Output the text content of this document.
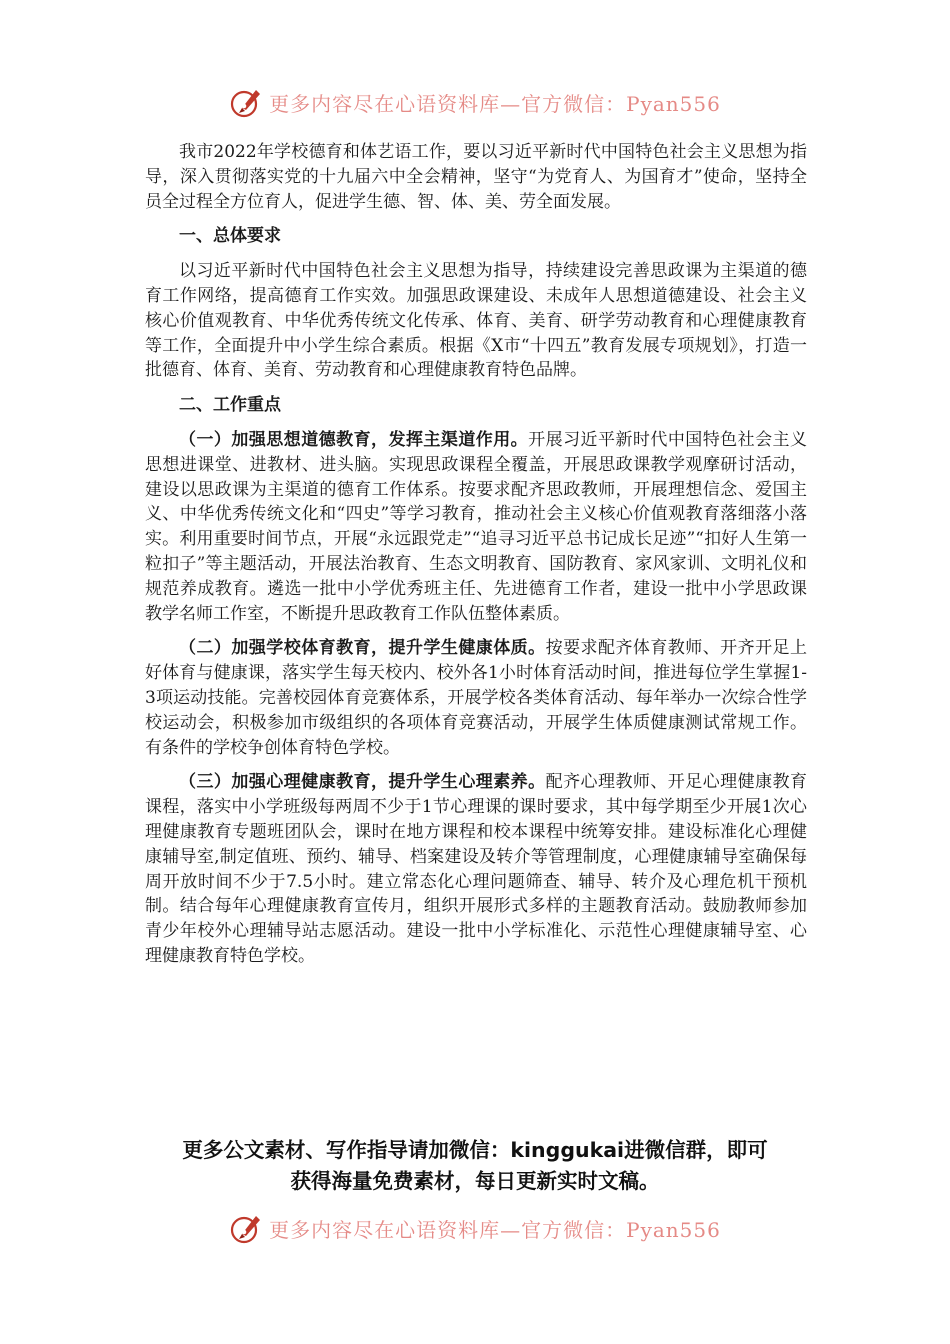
更多内容尽在心语资料库—官方微信：Pyan556

我市2022年学校德育和体艺语工作，要以习近平新时代中国特色社会主义思想为指导，深入贯彻落实党的十九届六中全会精神，坚守“为党育人、为国育才”使命，坚持全员全过程全方位育人，促进学生德、智、体、美、劳全面发展。

一、总体要求

以习近平新时代中国特色社会主义思想为指导，持续建设完善思政课为主渠道的德育工作网络，提高德育工作实效。加强思政课建设、未成年人思想道德建设、社会主义核心价值观教育、中华优秀传统文化传承、体育、美育、研学劳动教育和心理健康教育等工作，全面提升中小学生综合素质。根据《X市“十四五”教育发展专项规划》，打造一批德育、体育、美育、劳动教育和心理健康教育特色品牌。

二、工作重点

（一）加强思想道德教育，发挥主渠道作用。开展习近平新时代中国特色社会主义思想进课堂、进教材、进头脑。实现思政课程全覆盖，开展思政课教学观摩研讨活动，建设以思政课为主渠道的德育工作体系。按要求配齐思政教师，开展理想信念、爱国主义、中华优秀传统文化和“四史”等学习教育，推动社会主义核心价值观教育落细落小落实。利用重要时间节点，开展“永远跟党走”“追寻习近平总书记成长足迹”“扣好人生第一粒扣子”等主题活动，开展法治教育、生态文明教育、国防教育、家风家训、文明礼仪和规范养成教育。遴选一批中小学优秀班主任、先进德育工作者，建设一批中小学思政课教学名师工作室，不断提升思政教育工作队伍整体素质。

（二）加强学校体育教育，提升学生健康体质。按要求配齐体育教师、开齐开足上好体育与健康课，落实学生每天校内、校外各1小时体育活动时间，推进每位学生掌握1-3项运动技能。完善校园体育竞赛体系，开展学校各类体育活动、每年举办一次综合性学校运动会，积极参加市级组织的各项体育竞赛活动，开展学生体质健康测试常规工作。有条件的学校争创体育特色学校。

（三）加强心理健康教育，提升学生心理素养。配齐心理教师、开足心理健康教育课程，落实中小学班级每两周不少于1节心理课的课时要求，其中每学期至少开展1次心理健康教育专题班团队会，课时在地方课程和校本课程中统筹安排。建设标准化心理健康辅导室,制定值班、预约、辅导、档案建设及转介等管理制度，心理健康辅导室确保每周开放时间不少于7.5小时。建立常态化心理问题筛查、辅导、转介及心理危机干预机制。结合每年心理健康教育宣传月，组织开展形式多样的主题教育活动。鼓励教师参加青少年校外心理辅导站志愿活动。建设一批中小学标准化、示范性心理健康辅导室、心理健康教育特色学校。

更多公文素材、写作指导请加微信：kinggukai进微信群，即可
获得海量免费素材，每日更新实时文稿。
更多内容尽在心语资料库—官方微信：Pyan556
